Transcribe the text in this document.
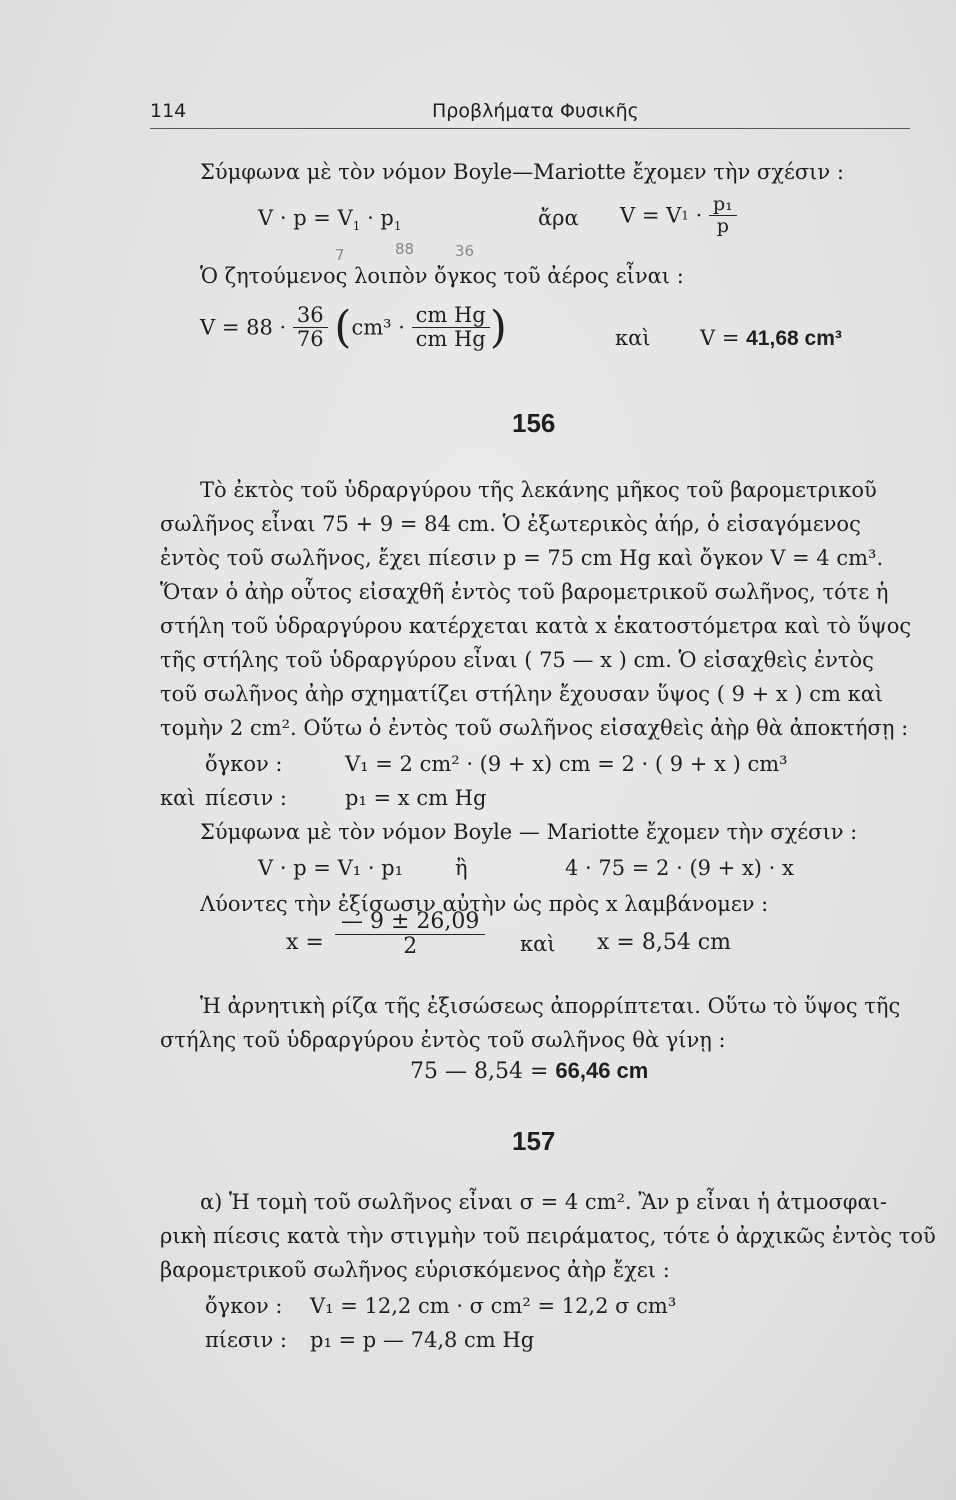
114	Προβλήματα Φυσικῆς
Σύμφωνα μὲ τὸν νόμον Boyle—Mariotte ἔχομεν τὴν σχέσιν :
$V \cdot p = V_1 \cdot p_1$	ἄρα $V = V1 \cdot \frac{\text{p₁}}{p}$
7	88	36
Ὁ ζητούμενος λοιπὸν ὄγκος τοῦ ἀέρος εἶναι :
$V = 88 \cdot \frac{36}{76} (cm^3 \cdot \frac{\text{cm Hg}}{\text{cm Hg}}$ )	καὶ V = 41,68 cm³
156
Τὸ ἐκτὸς τοῦ ὑδραργύρου τῆς λεκάνης μῆκος τοῦ βαρομετρικοῦ
σωλῆνος εἶναι 75 + 9 = 84 cm. Ὁ ἐξωτερικὸς ἀήρ, ὁ εἰσαγόμενος
ἐντὸς τοῦ σωλῆνος, ἔχει πίεσιν p = 75 cm Hg καὶ ὄγκον V = 4 cm³.
Ὅταν ὁ ἀὴρ οὗτος εἰσαχθῆ ἐντὸς τοῦ βαρομετρικοῦ σωλῆνος, τότε ἡ
στήλη τοῦ ὑδραργύρου κατέρχεται κατὰ x ἑκατοστόμετρα καὶ τὸ ὕψος
τῆς στήλης τοῦ ὑδραργύρου εἶναι ( 75 — x ) cm. Ὁ εἰσαχθεὶς ἐντὸς
τοῦ σωλῆνος ἀὴρ σχηματίζει στήλην ἔχουσαν ὕψος ( 9 + x ) cm καὶ
τομὴν 2 cm². Οὕτω ὁ ἐντὸς τοῦ σωλῆνος εἰσαχθεὶς ἀὴρ θὰ ἀποκτήσῃ :
ὄγκον :	V₁ = 2 cm² · (9 + x) cm = 2 · ( 9 + x ) cm³
καὶ πίεσιν :	p₁ = x cm Hg
Σύμφωνα μὲ τὸν νόμον Boyle — Mariotte ἔχομεν τὴν σχέσιν :
V · p = V₁ · p₁ ἢ	4 · 75 = 2 · (9 + x) · x
Λύοντες τὴν ἐξίσωσιν αὐτὴν ὡς πρὸς x λαμβάνομεν :
$x = \frac{— 9 \pm 26,09}{2}$ καὶ x = 8,54 cm
Ἡ ἀρνητικὴ ρίζα τῆς ἐξισώσεως ἀπορρίπτεται. Οὕτω τὸ ὕψος τῆς
στήλης τοῦ ὑδραργύρου ἐντὸς τοῦ σωλῆνος θὰ γίνῃ :
75 — 8,54 = 66,46 cm
157
α) Ἡ τομὴ τοῦ σωλῆνος εἶναι σ = 4 cm². Ἂν p εἶναι ἡ ἀτμοσφαι-
ρικὴ πίεσις κατὰ τὴν στιγμὴν τοῦ πειράματος, τότε ὁ ἀρχικῶς ἐντὸς τοῦ
βαρομετρικοῦ σωλῆνος εὑρισκόμενος ἀὴρ ἔχει :
ὄγκον : V₁ = 12,2 cm · σ cm² = 12,2 σ cm³
πίεσιν : p₁ = p — 74,8 cm Hg
